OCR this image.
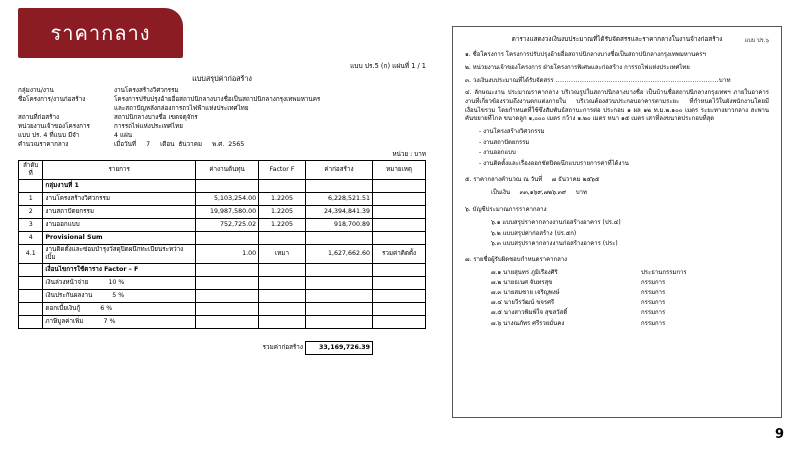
ราคากลาง
แบบ ปร.5 (ก) แผ่นที่ 1 / 1
แบบสรุปค่าก่อสร้าง
กลุ่มงาน/งาน	งานโครงสร้างวิศวกรรม
ชื่อโครงการ/งานก่อสร้าง	โครงการปรับปรุงอ้ายอื่อสถาปนิกลางบางชื่อเป็นสถาปนิกลางกรุงเทพมหานคร
	และสถาปัญหลังกล่องการถวไฟฟ้าแห่งประเทศไทย
สถานที่ก่อสร้าง	สถาปนิกลางบางชื่อ เขตจตุจักร
หน่วยงานเจ้าของโครงการ	การรถไฟแห่งประเทศไทย
แบบ ปร. 4 ที่แนบ มีจำ	4 แผ่น
คำนวณราคากลาง	เมื่อวันที่ 7 เดือน ธันวาคม พ.ศ. 2565
หน่วย : บาท
ลำดับที่	รายการ	ค่างานต้นทุน	Factor F	ค่าก่อสร้าง	หมายเหตุ
	กลุ่มงานที่ 1				
1	งานโครงสร้างวิศวกรรม	5,103,254.00	1.2205	6,228,521.51	
2	งานสถาปัตยกรรม	19,987,580.00	1.2205	24,394,841.39	
3	งานออกแบบ	752,725.02	1.2205	918,700.89	
4	Provisional Sum				
4.1	งานติดตั้งและซ่อมบำรุงวัสดุปิดผนึกทะเบียนระหว่างเบิ้ม	1.00	เหมา	1,627,662.60	รวมค่าติดตั้ง
	เงื่อนไขการใช้ตาราง Factor – F				
	เงินล่วงหน้าจ่าย 10 %				
	เงินประกันผลงาน 5 %				
	ดอกเบี้ยเงินกู้ 6 %				
	ภาษีมูลค่าเพิ่ม 7 %				

			รวมค่าก่อสร้าง	33,169,726.39	
แบบ ปร.๖
ตารางแสดงวงเงินงบประมาณที่ได้รับจัดสรรและราคากลางในงานจ้างก่อสร้าง
๑. ชื่อโครงการ โครงการปรับปรุงอ้ายอื่อสถาปนิกลางบางชื่อเป็นสถาปนิกลางกรุงเทพมหานครฯ
๒. หน่วยงานเจ้าของโครงการ ฝ่ายโครงการพิเศษและก่อสร้าง การรถไฟแห่งประเทศไทย
๓. วงเงินงบประมาณที่ได้รับจัดสรร ..........................................................................บาท
๔. ลักษณะงาน ประมาณราคากลาง บริเวณรูปในสถาปนิกลางบางชื่อ เป็นบ้านชื่อสถาปนิกลางกรุงเทพฯ ภายในอาคารงานที่เกี่ยวข้องรวมถึงงานตกแต่งภายใน บริเวณต้องส่วนประกอบอาคารตามระยะ ที่กำหนดไว้ในผังพนักงานโดยมีเงื่อนไขรวม โดยกำหนดที่ใช้ซึ่งสัมพันธ์สถานะการต่อ ประกอบ ๑ ผล ๑๒ ท.ม.๒.๑๐๐ เมตร ระยะทางยาวกลาง สะพานคันขยายที่ไกล ขนาดลูก ๑,๐๐๐ เมตร กว้าง ๑.๒๐ เมตร หนา ๑๕ เมตร เสาที่ลงขนาดประกอบที่สุด
- งานโครงสร้างวิศวกรรม
- งานสถาปัตยกรรม
- งานออกแบบ
- งานติดตั้งและเรื่องออกชัดปิดผนึกแบบรายการค่าที่ได้งาน
๕. ราคากลางคำนวณ ณ วันที่ ๗ ธันวาคม ๒๕๖๕
เป็นเงิน ๓๓,๑๖๙,๗๒๖.๓๙ บาท
๖. บัญชีประมาณการราคากลาง
๖.๑ แบบสรุปราคากลางงานก่อสร้างอาคาร (ปร.๔)
๖.๒ แบบสรุปค่าก่อสร้าง (ปร.๕ก)
๖.๓ แบบสรุปราคากลางงานก่อสร้างอาคาร (ประ)
๗. รายชื่อผู้รับผิดชอบกำหนดราคากลาง
๗.๑ นายสุนทร ภูมิเรืองศิริ	ประธานกรรมการ
๗.๒ นายธเนศ จันทรสุข	กรรมการ
๗.๓ นายสมชาย เจริญพงษ์	กรรมการ
๗.๔ นายวีรวัฒน์ ขจรศรี	กรรมการ
๗.๕ นางสาวพิมพ์ใจ สุขสวัสดิ์	กรรมการ
๗.๖ นางณภัทร ศรีรวยมั่นคง	กรรมการ
9
